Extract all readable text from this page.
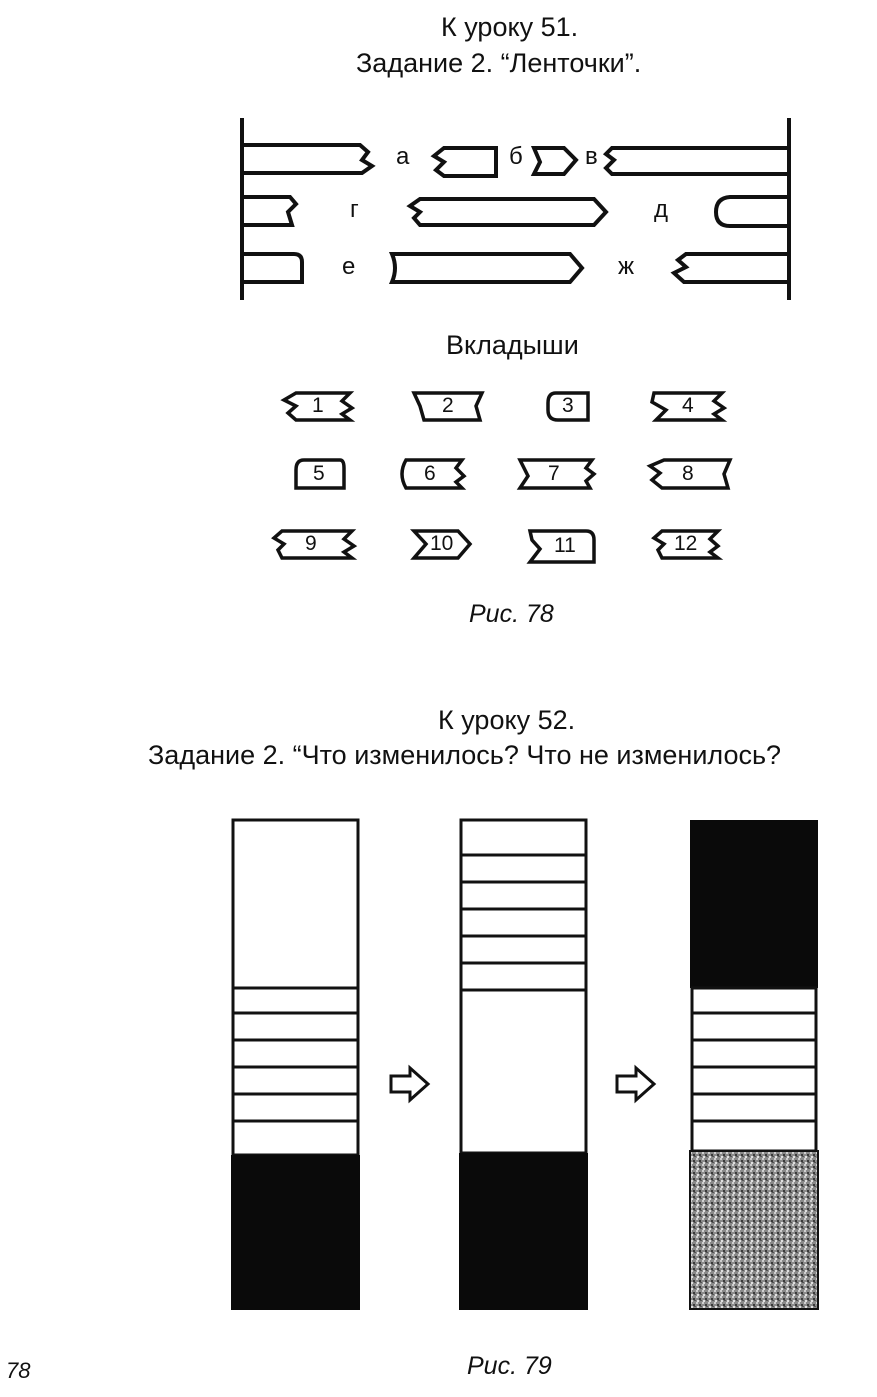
К уроку 51.
Задание 2. “Ленточки”.
а	б	в
г	д
е	ж
Вкладыши
1	2	3	4
5	6	7	8
9	10	11	12
Рис. 78
К уроку 52.
Задание 2. “Что изменилось? Что не изменилось?
78	Рис. 79
